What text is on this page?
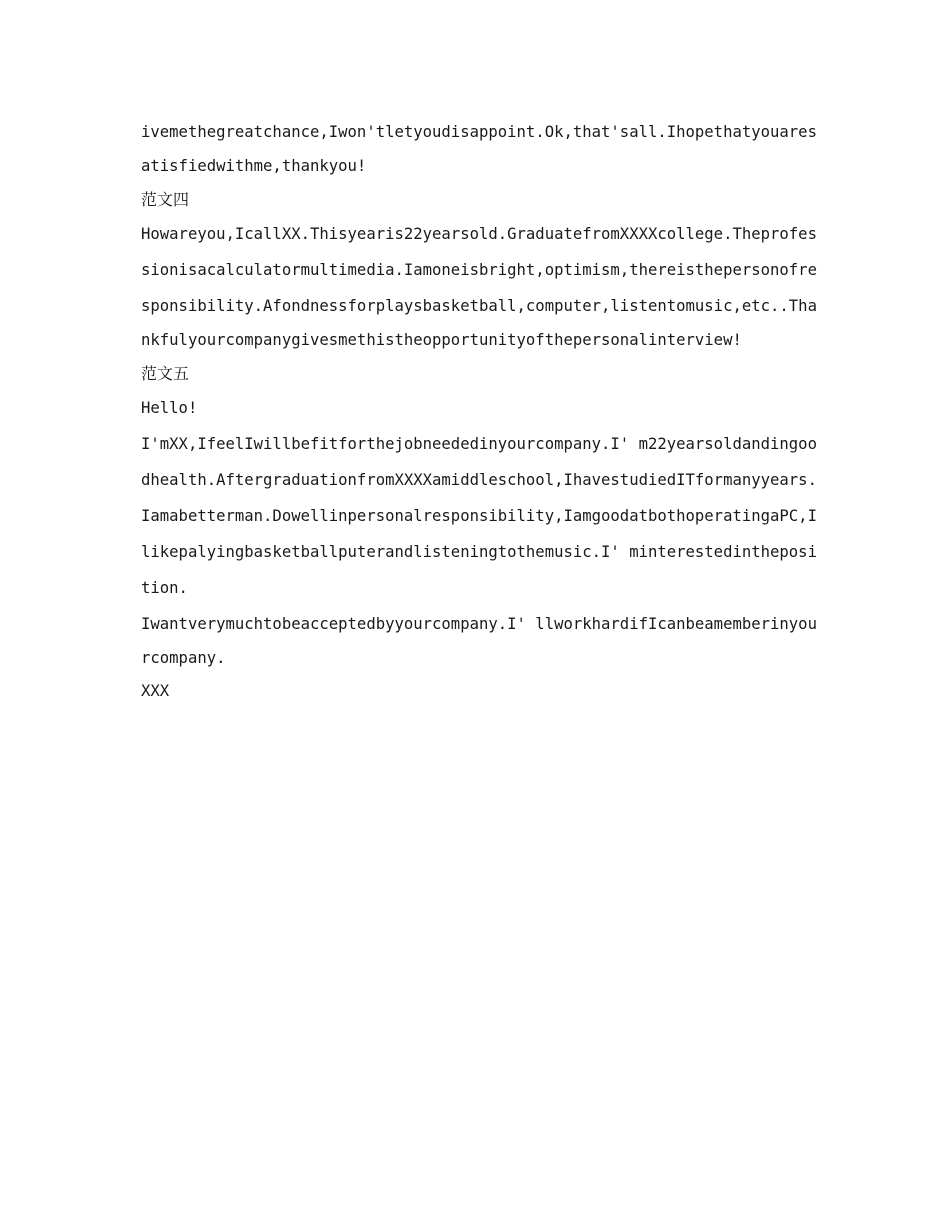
ivemethegreatchance,Iwon'tletyoudisappoint.Ok,that'sall.Ihopethatyouares
atisfiedwithme,thankyou!
范文四
Howareyou,IcallXX.Thisyearis22yearsold.GraduatefromXXXXcollege.Theprofes
sionisacalculatormultimedia.Iamoneisbright,optimism,thereisthepersonofre
sponsibility.Afondnessforplaysbasketball,computer,listentomusic,etc..Tha
nkfulyourcompanygivesmethistheopportunityofthepersonalinterview!
范文五
Hello!
I'mXX,IfeelIwillbefitforthejobneededinyourcompany.I' m22yearsoldandingoo
dhealth.AftergraduationfromXXXXamiddleschool,IhavestudiedITformanyyears.
Iamabetterman.Dowellinpersonalresponsibility,IamgoodatbothoperatingaPC,I
likepalyingbasketballputerandlisteningtothemusic.I' minterestedintheposi
tion.
Iwantverymuchtobeacceptedbyyourcompany.I' llworkhardifIcanbeamemberinyou
rcompany.
XXX
